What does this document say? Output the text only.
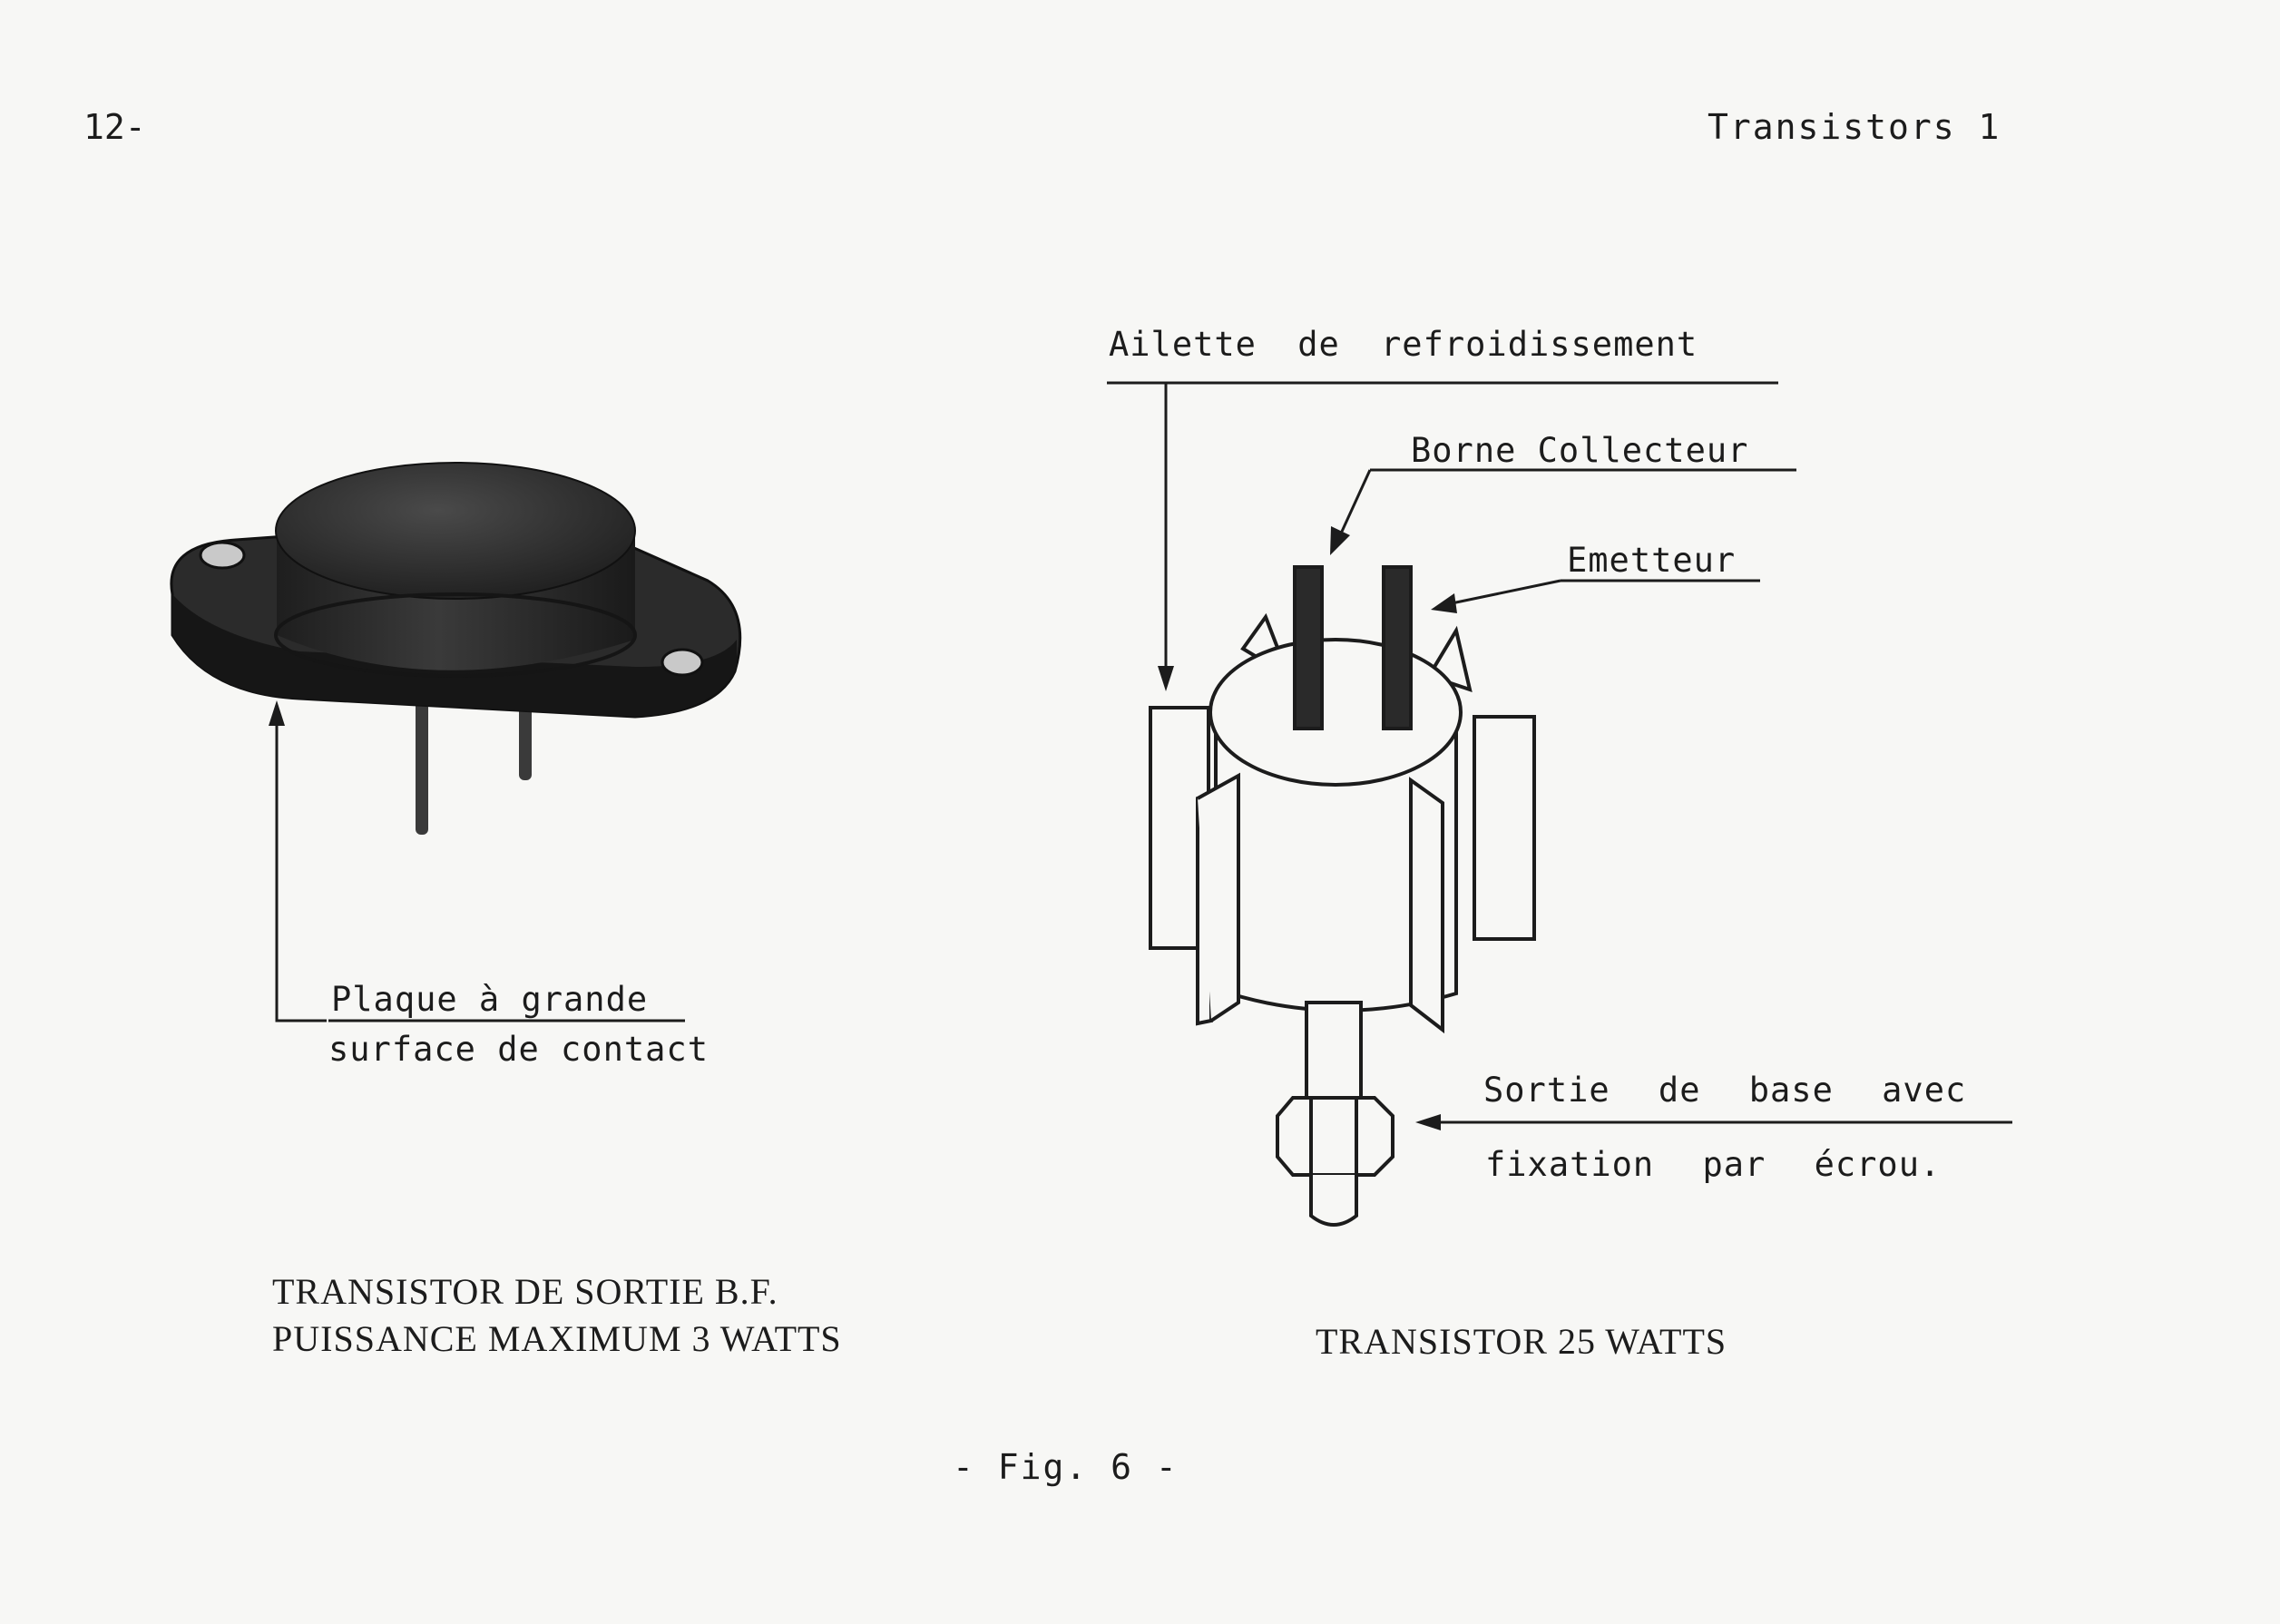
12-	Transistors 1
Plaque à grande
surface de contact
Ailette de refroidissement
Borne Collecteur
Emetteur
Sortie de base avec
fixation par écrou.
TRANSISTOR DE SORTIE B.F.
PUISSANCE MAXIMUM 3 WATTS	TRANSISTOR 25 WATTS
- Fig. 6 -
